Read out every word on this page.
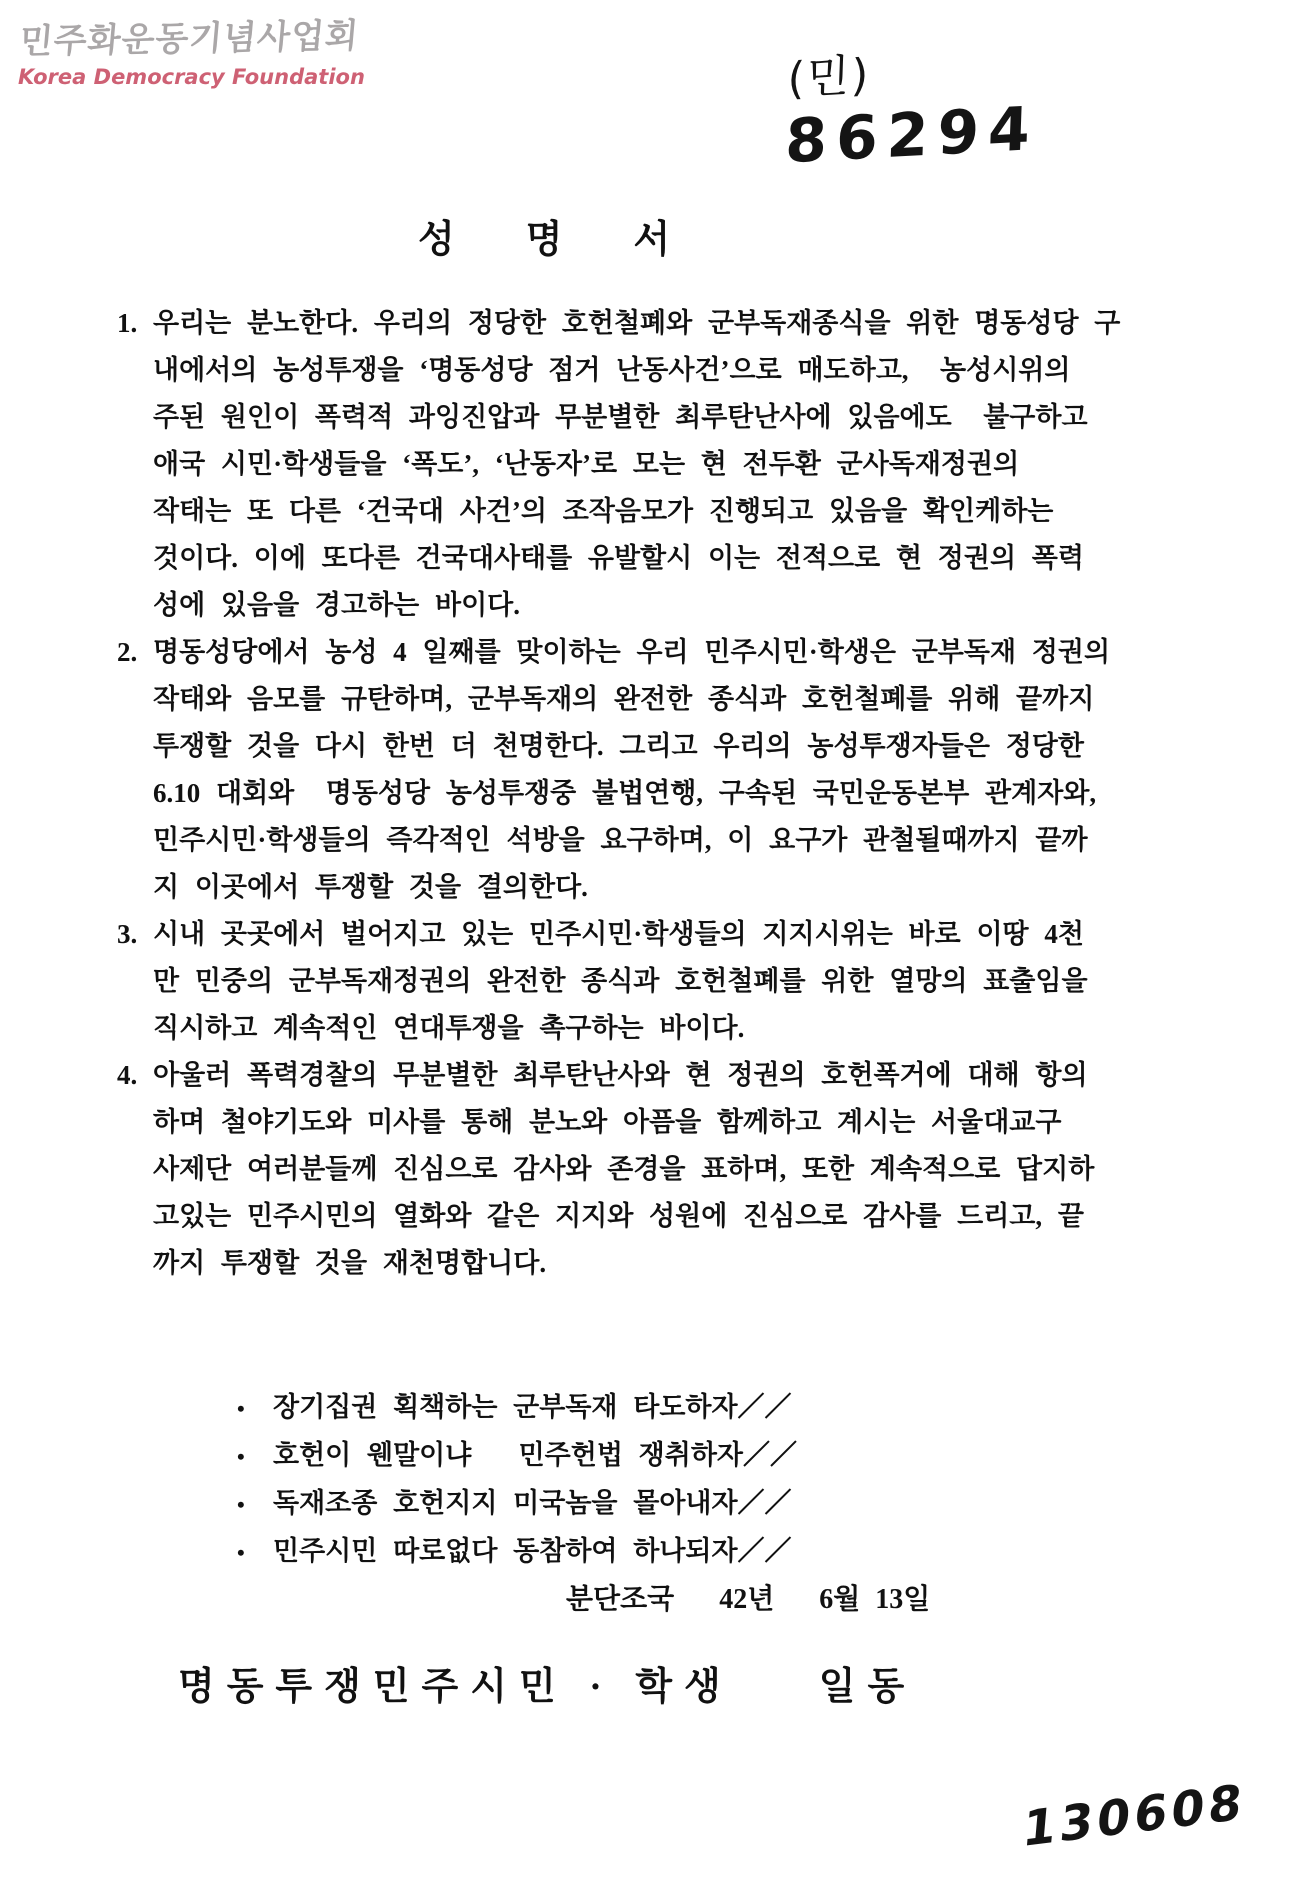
민주화운동기념사업회
Korea Democracy Foundation	(민)
86294

성      명      서
1. 우리는 분노한다. 우리의 정당한 호헌철폐와 군부독재종식을 위한 명동성당 구
내에서의 농성투쟁을 ‘명동성당 점거 난동사건’으로 매도하고,  농성시위의
주된 원인이 폭력적 과잉진압과 무분별한 최루탄난사에 있음에도  불구하고
애국 시민·학생들을 ‘폭도’, ‘난동자’로 모는 현 전두환 군사독재정권의
작태는 또 다른 ‘건국대 사건’의 조작음모가 진행되고 있음을 확인케하는
것이다. 이에 또다른 건국대사태를 유발할시 이는 전적으로 현 정권의 폭력
성에 있음을 경고하는 바이다.
2. 명동성당에서 농성 4 일째를 맞이하는 우리 민주시민·학생은 군부독재 정권의
작태와 음모를 규탄하며, 군부독재의 완전한 종식과 호헌철폐를 위해 끝까지
투쟁할 것을 다시 한번 더 천명한다. 그리고 우리의 농성투쟁자들은 정당한
6.10 대회와  명동성당 농성투쟁중 불법연행, 구속된 국민운동본부 관계자와,
민주시민·학생들의 즉각적인 석방을 요구하며, 이 요구가 관철될때까지 끝까
지 이곳에서 투쟁할 것을 결의한다.
3. 시내 곳곳에서 벌어지고 있는 민주시민·학생들의 지지시위는 바로 이땅 4천
만 민중의 군부독재정권의 완전한 종식과 호헌철폐를 위한 열망의 표출임을
직시하고 계속적인 연대투쟁을 촉구하는 바이다.
4. 아울러 폭력경찰의 무분별한 최루탄난사와 현 정권의 호헌폭거에 대해 항의
하며 철야기도와 미사를 통해 분노와 아픔을 함께하고 계시는 서울대교구
사제단 여러분들께 진심으로 감사와 존경을 표하며, 또한 계속적으로 답지하
고있는 민주시민의 열화와 같은 지지와 성원에 진심으로 감사를 드리고, 끝
까지 투쟁할 것을 재천명합니다.
• 장기집권 획책하는 군부독재 타도하자／／
• 호헌이 웬말이냐   민주헌법 쟁취하자／／
• 독재조종 호헌지지 미국놈을 몰아내자／／
• 민주시민 따로없다 동참하여 하나되자／／
분단조국   42년   6월 13일
명동투쟁민주시민 · 학생    일동
130608
